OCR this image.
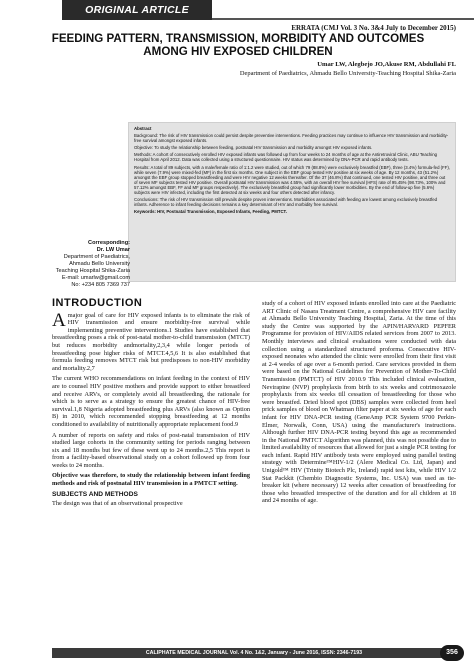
ORIGINAL ARTICLE
ERRATA (CMJ Vol. 3 No. 3&4 July to December 2015)
FEEDING PATTERN, TRANSMISSION, MORBIDITY AND OUTCOMES
AMONG HIV EXPOSED CHILDREN
Umar LW, Alegbejo JO,Akuse RM, Abdullahi FL
Department of Paediatrics, Ahmadu Bello University-Teaching Hospital Shika-Zaria

Abstract

Background: The risk of HIV transmission could persist despite preventive interventions. Feeding practices may continue to influence HIV transmission and morbidity-free survival amongst exposed infants.

Objective: To study the relationship between feeding, postnatal HIV transmission and morbidity amongst HIV exposed infants.

Methods: A cohort of consecutively enrolled HIV exposed infants was followed up from four weeks to 24 months of age at the Antiretroviral Clinic, ABU Teaching Hospital from April 2012. Data was collected using a structured questionnaire. HIV status was determined by DNA-PCR and rapid antibody tests.

Results: A total of 89 subjects, with a male/female ratio of 1:1.2 were studied, out of which 79 (88.8%) were exclusively breastfed (EBF), three (3.4%) formula-fed (FF), while seven (7.9%) were mixed-fed (MF) in the first six months. One subject in the EBF group tested HIV positive at six weeks of age. By 12 months, 43 (51.2%) amongst the EBF group stopped breastfeeding and were HIV negative 12 weeks thereafter. Of the 37 (46.8%) that continued, one tested HIV positive, and three out of seven MF subjects tested HIV positive. Overall postnatal HIV transmission was 4.55%, with an overall HIV free survival (HFS) rate of 95.45% (98.73%, 100% and 57.12% amongst EBF, FF and MF groups respectively). The exclusively breastfed group had significantly lower morbidities. By the end of follow-up five (5.6%) subjects were HIV infected, including the first detected at six weeks and four others detected after infancy.

Conclusions: The risk of HIV transmission still prevails despite proven interventions. Morbidities associated with feeding are lowest among exclusively breastfed infants. Adherence to infant feeding decisions remains a key determinant of HIV and morbidity free survival.

Keywords: HIV, Postnatal Transmission, Exposed Infants, Feeding, PMTCT.

Corresponding:
Dr. LW Umar
Department of Paediatrics,
Ahmadu Bello University
Teaching Hospital Shika-Zaria
E-mail: umarlw@gmail.com
No: +234 805 7369 737
INTRODUCTION

Amajor goal of care for HIV exposed infants is to eliminate the risk of HIV transmission and ensure morbidity-free survival while implementing preventive interventions.1 Studies have established that breastfeeding poses a risk of post-natal mother-to-child transmission (MTCT) but reduces morbidity andmortality,2,3,4 while longer periods of breastfeeding pose higher risks of MTCT.4,5,6 It is also established that formula feeding removes MTCT risk but predisposes to non-HIV morbidity and mortality.2,7

The current WHO recommendations on infant feeding in the context of HIV are to counsel HIV positive mothers and provide support to either breastfeed and receive ARVs, or completely avoid all breastfeeding, the rationale for which is to serve as a strategy to ensure the greatest chance of HIV-free survival.1,8 Nigeria adopted breastfeeding plus ARVs (also known as Option B) in 2010, which recommended stopping breastfeeding at 12 months conditioned to availability of nutritionally appropriate replacement food.9

A number of reports on safety and risks of post-natal transmission of HIV studied large cohorts in the community setting for periods ranging between six and 18 months but few of these went up to 24 months.2,5 This report is from a facility-based observational study on a cohort followed up from four weeks to 24 months.

Objective was therefore, to study the relationship between infant feeding methods and risk of postnatal HIV transmission in a PMTCT setting.

SUBJECTS AND METHODS

The design was that of an observational prospective

study of a cohort of HIV exposed infants enrolled into care at the Paediatric ART Clinic of Nasara Treatment Centre, a comprehensive HIV care facility at Ahmadu Bello University Teaching Hospital, Zaria. At the time of this study the Centre was supported by the APIN/HARVARD PEPFER Programme for provision of HIV/AIDS related services from 2007 to 2013. Monthly interviews and clinical evaluations were conducted with data collection using a standardized structured proforma. Consecutive HIV-exposed neonates who attended the clinic were enrolled from their first visit at 2-4 weeks of age over a 6-month period. Care services provided in them were based on the National Guidelines for Prevention of Mother-To-Child Transmission (PMTCT) of HIV 2010.9 This included clinical evaluation, Nevirapine (NVP) prophylaxis from birth to six weeks and cotrimoxazole prophylaxis from six weeks till cessation of breastfeeding for those who were breastfed. Dried blood spot (DBS) samples were collected from heel prick samples of blood on Whatman filter paper at six weeks of age for each infant for HIV DNA-PCR testing (GeneAmp PCR System 9700 Perkin-Elmer, Norwalk, Conn, USA) using the manufacturer's instructions. Although further HIV DNA-PCR testing beyond this age as recommended in the National PMTCT Algorithm was planned, this was not possible due to limited availability of resources that allowed for just a single PCR testing for each infant. Rapid HIV antibody tests were employed using parallel testing strategy with Determine™HIV-1/2 (Alere Medical Co. Ltd, Japan) and Unigold™ HIV (Trinity Biotech Plc, Ireland) rapid test kits, while HIV 1/2 Stat Packkit (Chembio Diagnostic Systems, Inc. USA) was used as tie-breaker kit (where necessary) 12 weeks after cessation of breastfeeding for those who breastfed irrespective of the duration and for all children at 18 and 24 months of age.

CALIPHATE MEDICAL JOURNAL Vol. 4 No. 1&2, January - June 2016, ISSN: 2346-7193	356
